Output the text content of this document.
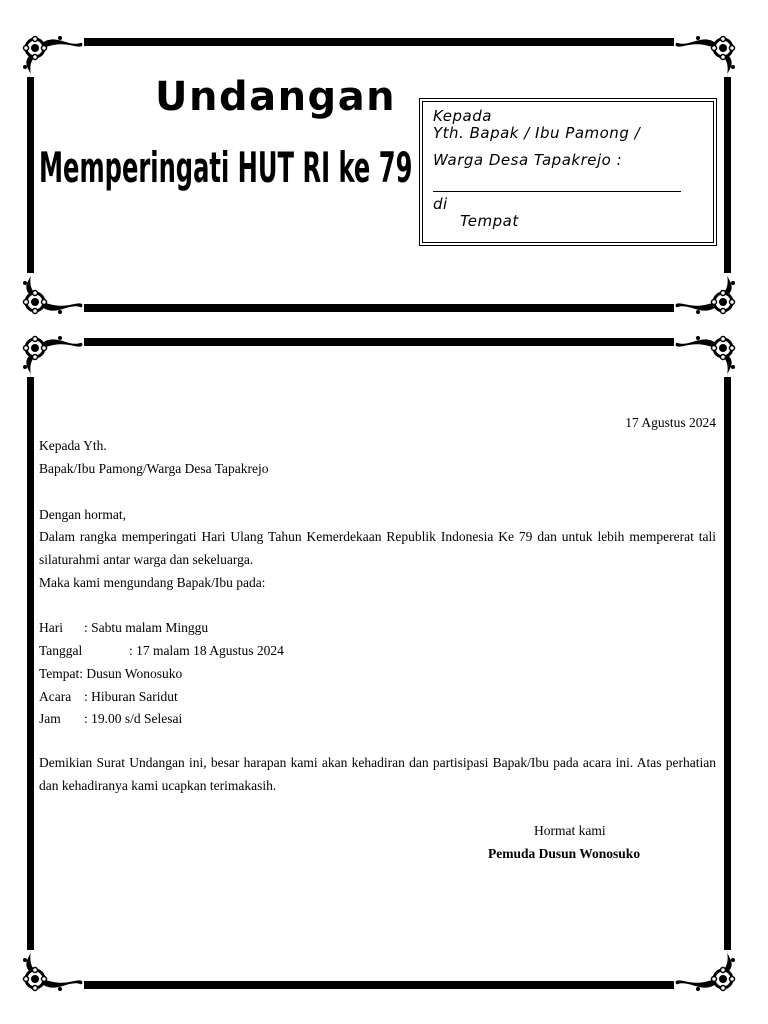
Undangan
Memperingati HUT RI ke 79

Kepada

Yth. Bapak / Ibu Pamong /

Warga Desa Tapakrejo :

di

Tempat

17 Agustus 2024

Kepada Yth.

Bapak/Ibu Pamong/Warga Desa Tapakrejo

Dengan hormat,

Dalam rangka memperingati Hari Ulang Tahun Kemerdekaan Republik Indonesia Ke 79 dan untuk lebih mempererat tali silaturahmi antar warga dan sekeluarga.

Maka kami mengundang Bapak/Ibu pada:

Hari : Sabtu malam Minggu

Tanggal	: 17 malam 18 Agustus 2024

Tempat: Dusun Wonosuko

Acara : Hiburan Saridut

Jam : 19.00 s/d Selesai

Demikian Surat Undangan ini, besar harapan kami akan kehadiran dan partisipasi Bapak/Ibu pada acara ini. Atas perhatian dan kehadiranya kami ucapkan terimakasih.

Hormat kami

Pemuda Dusun Wonosuko
